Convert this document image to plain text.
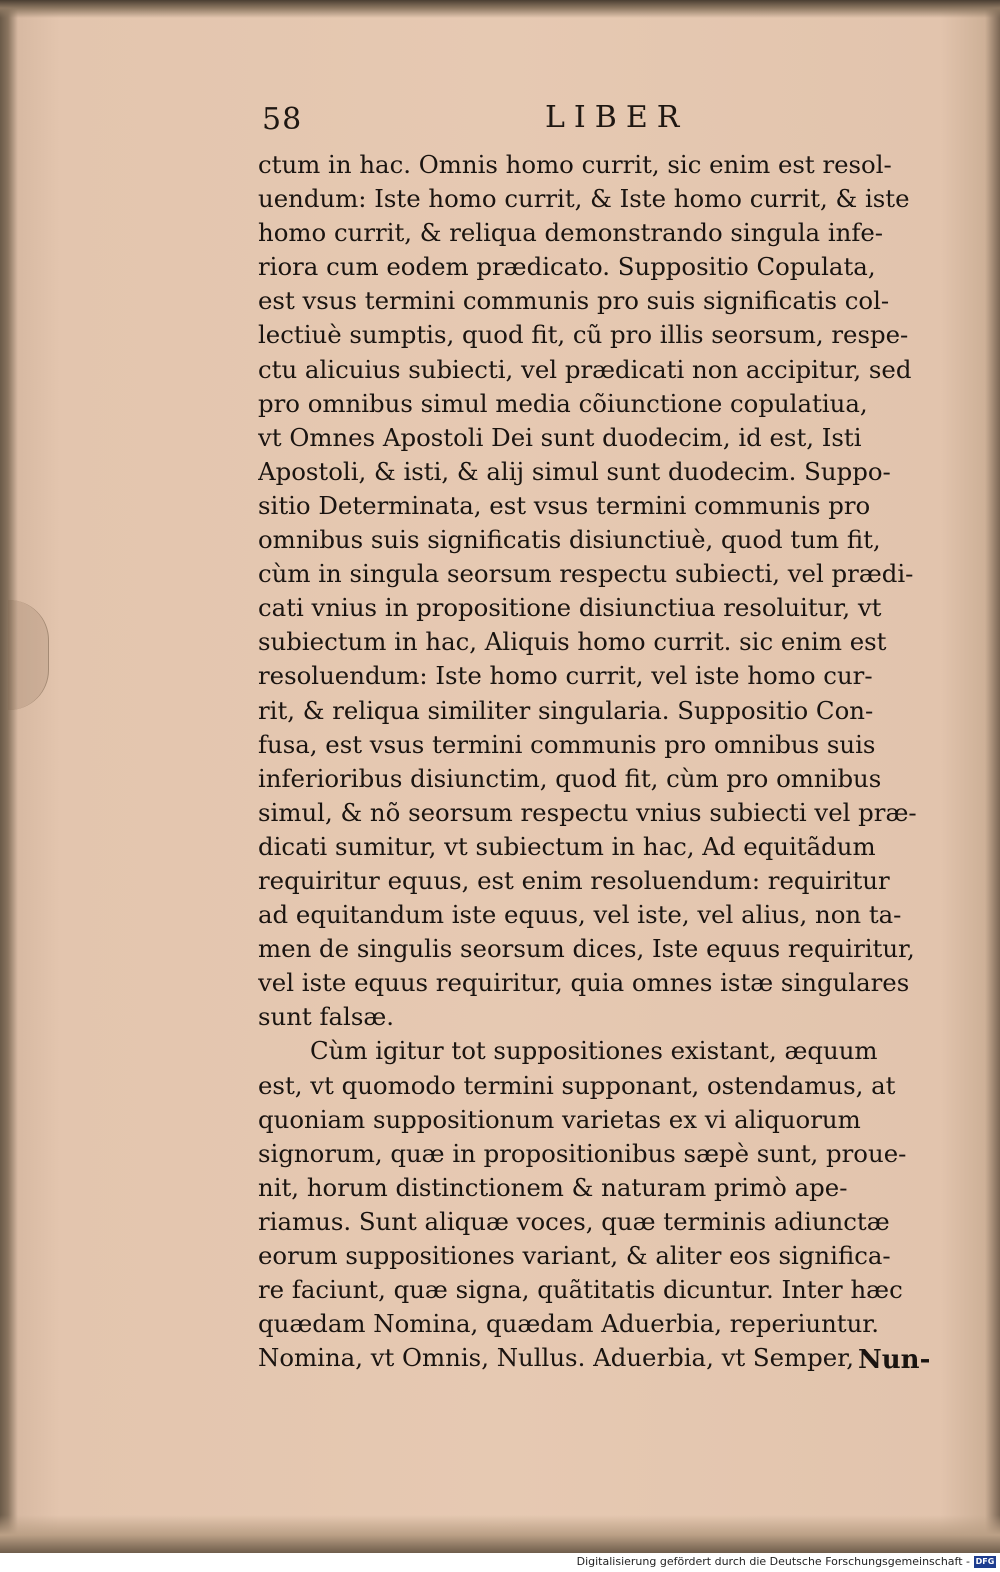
58	LIBER
ctum in hac. Omnis homo currit, sic enim est resol-
uendum: Iste homo currit, & Iste homo currit, & iste
homo currit, & reliqua demonstrando singula infe-
riora cum eodem prædicato. Suppositio Copulata,
est vsus termini communis pro suis significatis col-
lectiuè sumptis, quod fit, cũ pro illis seorsum, respe-
ctu alicuius subiecti, vel prædicati non accipitur, sed
pro omnibus simul media cõiunctione copulatiua,
vt Omnes Apostoli Dei sunt duodecim, id est, Isti
Apostoli, & isti, & alij simul sunt duodecim. Suppo-
sitio Determinata, est vsus termini communis pro
omnibus suis significatis disiunctiuè, quod tum fit,
cùm in singula seorsum respectu subiecti, vel prædi-
cati vnius in propositione disiunctiua resoluitur, vt
subiectum in hac, Aliquis homo currit. sic enim est
resoluendum: Iste homo currit, vel iste homo cur-
rit, & reliqua similiter singularia. Suppositio Con-
fusa, est vsus termini communis pro omnibus suis
inferioribus disiunctim, quod fit, cùm pro omnibus
simul, & nõ seorsum respectu vnius subiecti vel præ-
dicati sumitur, vt subiectum in hac, Ad equitãdum
requiritur equus, est enim resoluendum: requiritur
ad equitandum iste equus, vel iste, vel alius, non ta-
men de singulis seorsum dices, Iste equus requiritur,
vel iste equus requiritur, quia omnes istæ singulares
sunt falsæ.
Cùm igitur tot suppositiones existant, æquum
est, vt quomodo termini supponant, ostendamus, at
quoniam suppositionum varietas ex vi aliquorum
signorum, quæ in propositionibus sæpè sunt, proue-
nit, horum distinctionem & naturam primò ape-
riamus. Sunt aliquæ voces, quæ terminis adiunctæ
eorum suppositiones variant, & aliter eos significa-
re faciunt, quæ signa, quãtitatis dicuntur. Inter hæc
quædam Nomina, quædam Aduerbia, reperiuntur.
Nomina, vt Omnis, Nullus. Aduerbia, vt Semper, Nun-
Digitalisierung gefördert durch die Deutsche Forschungsgemeinschaft - DFG
